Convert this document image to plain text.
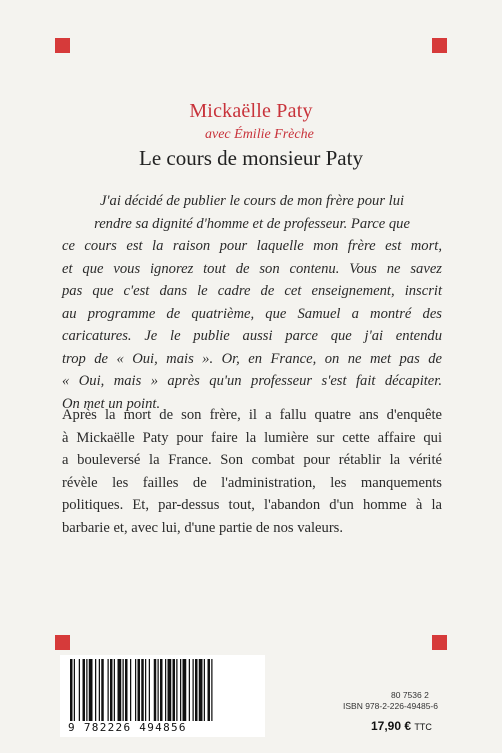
Mickaëlle Paty
avec Émilie Frèche
Le cours de monsieur Paty
J'ai décidé de publier le cours de mon frère pour lui
rendre sa dignité d'homme et de professeur. Parce que
ce cours est la raison pour laquelle mon frère est mort,
et que vous ignorez tout de son contenu. Vous ne savez
pas que c'est dans le cadre de cet enseignement, inscrit
au programme de quatrième, que Samuel a montré des
caricatures. Je le publie aussi parce que j'ai entendu
trop de « Oui, mais ». Or, en France, on ne met pas de
« Oui, mais » après qu'un professeur s'est fait décapiter.
On met un point.
Après la mort de son frère, il a fallu quatre ans d'enquête
à Mickaëlle Paty pour faire la lumière sur cette affaire qui
a bouleversé la France. Son combat pour rétablir la vérité
révèle les failles de l'administration, les manquements
politiques. Et, par-dessus tout, l'abandon d'un homme à la
barbarie et, avec lui, d'une partie de nos valeurs.
9 782226 494856
80 7536 2
ISBN 978-2-226-49485-6
17,90 € TTC
